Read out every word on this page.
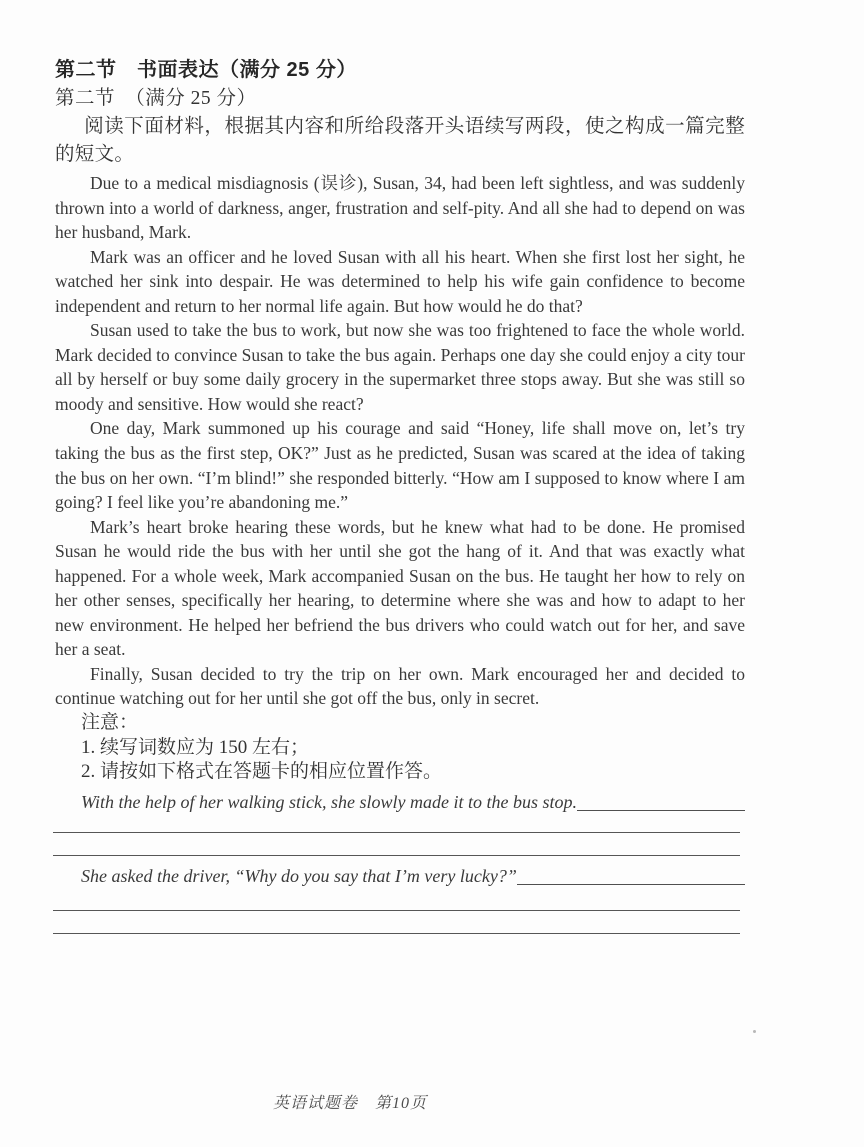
第二节　书面表达（满分 25 分）
第二节　（满分 25 分）

阅读下面材料，根据其内容和所给段落开头语续写两段，使之构成一篇完整的短文。

Due to a medical misdiagnosis (误诊), Susan, 34, had been left sightless, and was suddenly thrown into a world of darkness, anger, frustration and self-pity. And all she had to depend on was her husband, Mark.

Mark was an officer and he loved Susan with all his heart. When she first lost her sight, he watched her sink into despair. He was determined to help his wife gain confidence to become independent and return to her normal life again. But how would he do that?

Susan used to take the bus to work, but now she was too frightened to face the whole world. Mark decided to convince Susan to take the bus again. Perhaps one day she could enjoy a city tour all by herself or buy some daily grocery in the supermarket three stops away. But she was still so moody and sensitive. How would she react?

One day, Mark summoned up his courage and said “Honey, life shall move on, let’s try taking the bus as the first step, OK?” Just as he predicted, Susan was scared at the idea of taking the bus on her own. “I’m blind!” she responded bitterly. “How am I supposed to know where I am going? I feel like you’re abandoning me.”

Mark’s heart broke hearing these words, but he knew what had to be done. He promised Susan he would ride the bus with her until she got the hang of it. And that was exactly what happened. For a whole week, Mark accompanied Susan on the bus. He taught her how to rely on her other senses, specifically her hearing, to determine where she was and how to adapt to her new environment. He helped her befriend the bus drivers who could watch out for her, and save her a seat.

Finally, Susan decided to try the trip on her own. Mark encouraged her and decided to continue watching out for her until she got off the bus, only in secret.

注意：

1. 续写词数应为 150 左右；

2. 请按如下格式在答题卡的相应位置作答。

With the help of her walking stick, she slowly made it to the bus stop.
She asked the driver, “Why do you say that I’m very lucky?”
英语试题卷　第10页
